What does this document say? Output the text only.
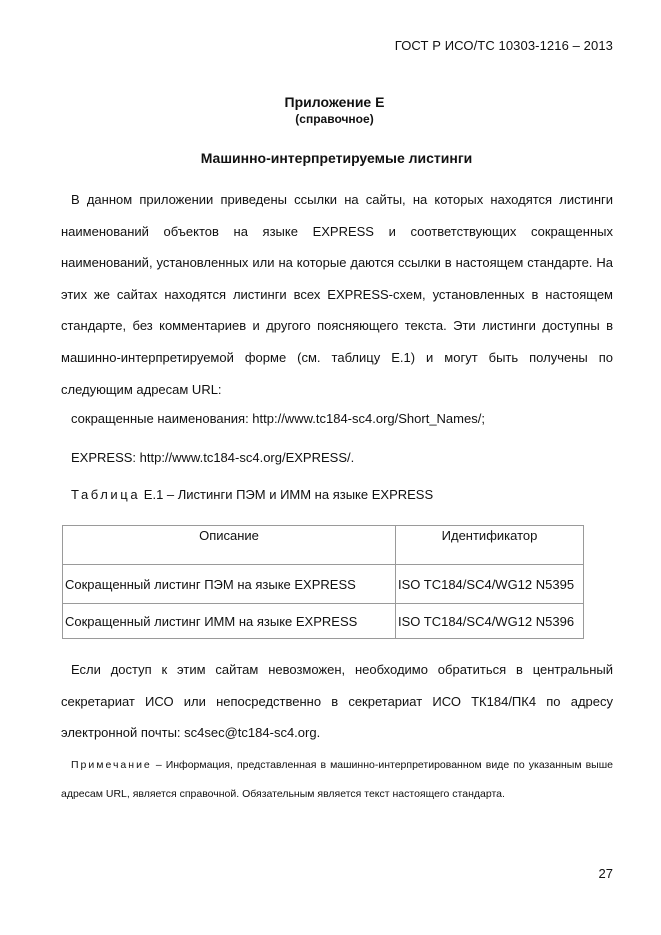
ГОСТ Р ИСО/ТС 10303-1216 – 2013
Приложение Е
(справочное)
Машинно-интерпретируемые листинги
В данном приложении приведены ссылки на сайты, на которых находятся листинги наименований объектов на языке EXPRESS и соответствующих сокращенных наименований, установленных или на которые даются ссылки в настоящем стандарте. На этих же сайтах находятся листинги всех EXPRESS-схем, установленных в настоящем стандарте, без комментариев и другого поясняющего текста. Эти листинги доступны в машинно-интерпретируемой форме (см. таблицу Е.1) и могут быть получены по следующим адресам URL:
сокращенные наименования: http://www.tc184-sc4.org/Short_Names/;
EXPRESS: http://www.tc184-sc4.org/EXPRESS/.
Таблица Е.1 – Листинги ПЭМ и ИММ на языке EXPRESS
Описание	Идентификатор
Сокращенный листинг ПЭМ на языке EXPRESS	ISO TC184/SC4/WG12 N5395
Сокращенный листинг ИММ на языке EXPRESS	ISO TC184/SC4/WG12 N5396
Если доступ к этим сайтам невозможен, необходимо обратиться в центральный секретариат ИСО или непосредственно в секретариат ИСО ТК184/ПК4 по адресу электронной почты: sc4sec@tc184-sc4.org.
Примечание – Информация, представленная в машинно-интерпретированном виде по указанным выше адресам URL, является справочной. Обязательным является текст настоящего стандарта.
27
